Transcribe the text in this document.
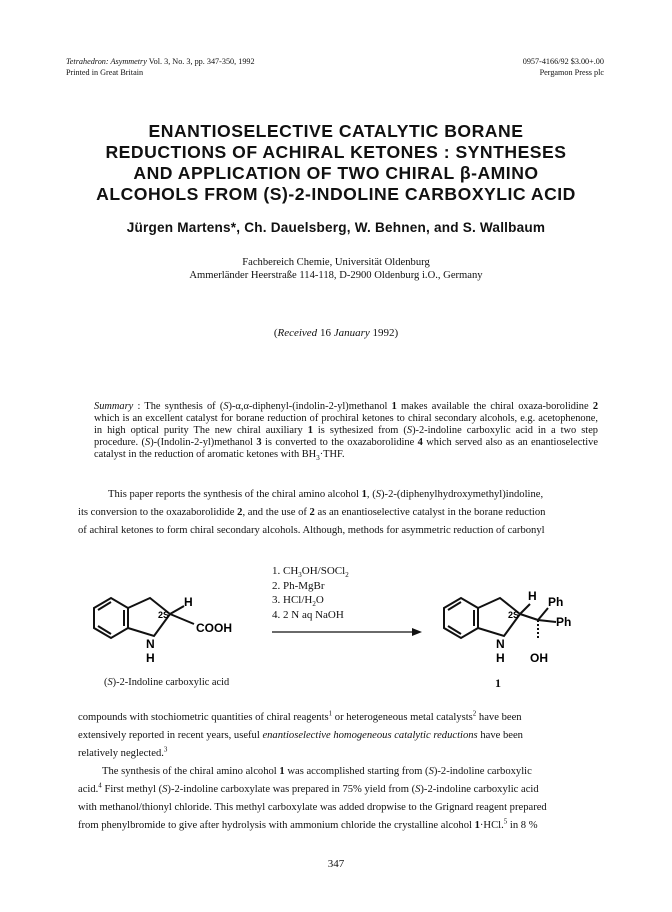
Tetrahedron: Asymmetry Vol. 3, No. 3, pp. 347-350, 1992
Printed in Great Britain
0957-4166/92 $3.00+.00
Pergamon Press plc
ENANTIOSELECTIVE CATALYTIC BORANE
REDUCTIONS OF ACHIRAL KETONES : SYNTHESES
AND APPLICATION OF TWO CHIRAL β-AMINO
ALCOHOLS FROM (S)-2-INDOLINE CARBOXYLIC ACID
Jürgen Martens*, Ch. Dauelsberg, W. Behnen, and S. Wallbaum
Fachbereich Chemie, Universität Oldenburg
Ammerländer Heerstraße 114-118, D-2900 Oldenburg i.O., Germany
(Received 16 January 1992)
Summary : The synthesis of (S)-α,α-diphenyl-(indolin-2-yl)methanol 1 makes available the chiral oxaza-borolidine 2 which is an excellent catalyst for borane reduction of prochiral ketones to chiral secondary alcohols, e.g. acetophenone, in high optical purity The new chiral auxiliary 1 is sythesized from (S)-2-indoline carboxylic acid in a two step procedure. (S)-(Indolin-2-yl)methanol 3 is converted to the oxazaborolidine 4 which served also as an enantioselective catalyst in the reduction of aromatic ketones with $BH_3\cdot THF$.
This paper reports the synthesis of the chiral amino alcohol 1, (S)-2-(diphenylhydroxymethyl)indoline,
its conversion to the oxazaborolidide 2, and the use of 2 as an enantioselective catalyst in the borane reduction
of achiral ketones to form chiral secondary alcohols. Although, methods for asymmetric reduction of carbonyl
H
COOH
2S
N
H
1. $CH_3OH/SOCl_2$
2. Ph-MgBr
3. HCl/$H_2O$
4. 2 N aq NaOH
H Ph
Ph
2S
N
H OH
(S)-2-Indoline carboxylic acid	1
compounds with stochiometric quantities of chiral reagents$^1$ or heterogeneous metal catalysts$^2$ have been
extensively reported in recent years, useful enantioselective homogeneous catalytic reductions have been
relatively neglected.$^3$
The synthesis of the chiral amino alcohol 1 was accomplished starting from (S)-2-indoline carboxylic
acid.$^4$ First methyl (S)-2-indoline carboxylate was prepared in 75% yield from (S)-2-indoline carboxylic acid
with methanol/thionyl chloride. This methyl carboxylate was added dropwise to the Grignard reagent prepared
from phenylbromide to give after hydrolysis with ammonium chloride the crystalline alcohol 1·HCl.$^5$ in 8 %
347
